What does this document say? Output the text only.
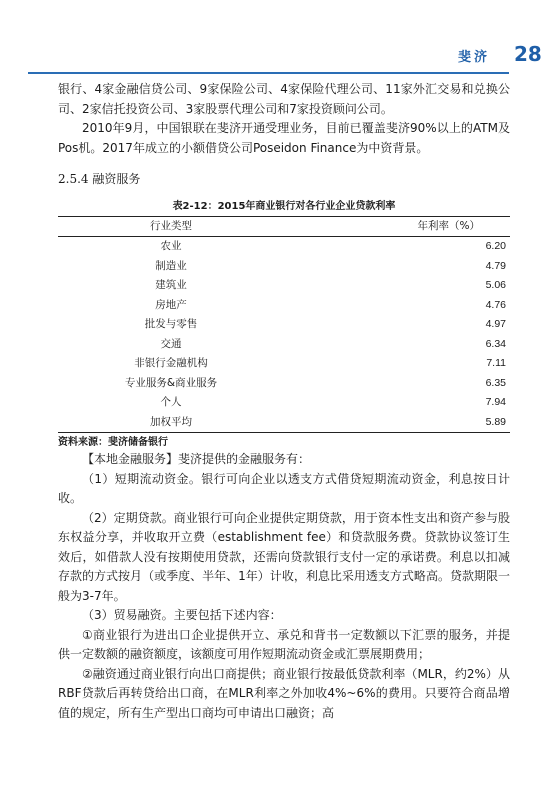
斐济 28

银行、4家金融信贷公司、9家保险公司、4家保险代理公司、11家外汇交易和兑换公司、2家信托投资公司、3家股票代理公司和7家投资顾问公司。

2010年9月，中国银联在斐济开通受理业务，目前已覆盖斐济90%以上的ATM及Pos机。2017年成立的小额借贷公司Poseidon Finance为中资背景。

2.5.4 融资服务
表2-12：2015年商业银行对各行业企业贷款利率
行业类型	年利率（%）
农业	6.20
制造业	4.79
建筑业	5.06
房地产	4.76
批发与零售	4.97
交通	6.34
非银行金融机构	7.11
专业服务&商业服务	6.35
个人	7.94
加权平均	5.89
资料来源：斐济储备银行

【本地金融服务】斐济提供的金融服务有：

（1）短期流动资金。银行可向企业以透支方式借贷短期流动资金，利息按日计收。

（2）定期贷款。商业银行可向企业提供定期贷款，用于资本性支出和资产参与股东权益分享，并收取开立费（establishment fee）和贷款服务费。贷款协议签订生效后，如借款人没有按期使用贷款，还需向贷款银行支付一定的承诺费。利息以扣减存款的方式按月（或季度、半年、1年）计收，利息比采用透支方式略高。贷款期限一般为3-7年。

（3）贸易融资。主要包括下述内容：

①商业银行为进出口企业提供开立、承兑和背书一定数额以下汇票的服务，并提供一定数额的融资额度，该额度可用作短期流动资金或汇票展期费用；

②融资通过商业银行向出口商提供；商业银行按最低贷款利率（MLR，约2%）从RBF贷款后再转贷给出口商，在MLR利率之外加收4%~6%的费用。只要符合商品增值的规定，所有生产型出口商均可申请出口融资；高
